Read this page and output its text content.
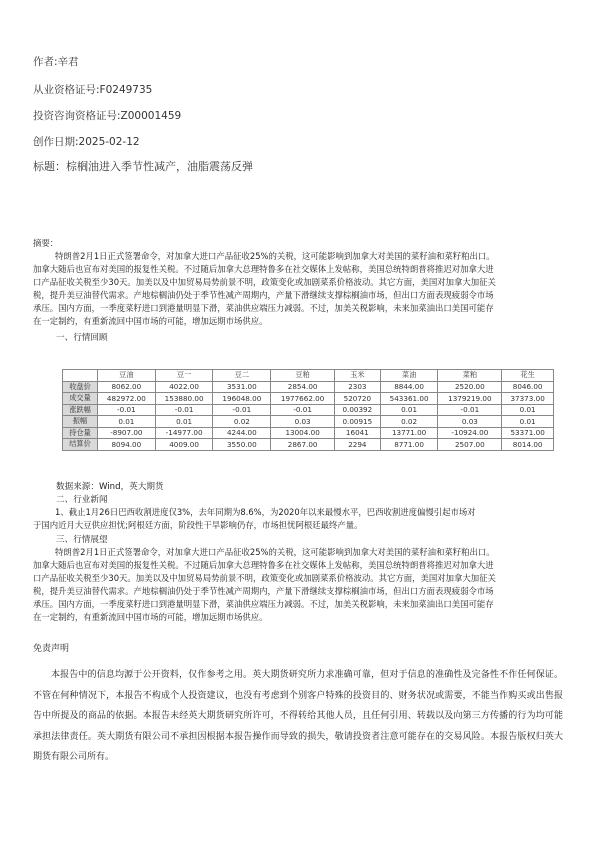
作者:辛君
从业资格证号:F0249735
投资咨询资格证号:Z00001459
创作日期:2025-02-12
标题：棕榈油进入季节性减产，油脂震荡反弹
摘要：
特朗普2月1日正式签署命令，对加拿大进口产品征收25%的关税，这可能影响到加拿大对美国的菜籽油和菜籽粕出口。
加拿大随后也宣布对美国的报复性关税。不过随后加拿大总理特鲁多在社交媒体上发帖称，美国总统特朗普将推迟对加拿大进
口产品征收关税至少30天。加美以及中加贸易局势前景不明，政策变化或加剧菜系价格波动。其它方面，美国对加拿大加征关
税，提升美豆油替代需求。产地棕榈油仍处于季节性减产周期内，产量下滑继续支撑棕榈油市场，但出口方面表现疲弱令市场
承压。国内方面，一季度菜籽进口到港量明显下滑，菜油供应端压力减弱。不过，加美关税影响，未来加菜油出口美国可能存
在一定制约，有重新流回中国市场的可能，增加远期市场供应。
一、行情回顾
	豆油	豆一	豆二	豆粕	玉米	菜油	菜粕	花生
收盘价	8062.00	4022.00	3531.00	2854.00	2303	8844.00	2520.00	8046.00
成交量	482972.00	153880.00	196048.00	1977662.00	520720	543361.00	1379219.00	37373.00
涨跌幅	-0.01	-0.01	-0.01	-0.01	0.00392	0.01	-0.01	0.01
振幅	0.01	0.01	0.02	0.03	0.00915	0.02	0.03	0.01
持仓量	-8907.00	-14977.00	4244.00	13004.00	16041	13771.00	-10924.00	53371.00
结算价	8094.00	4009.00	3550.00	2867.00	2294	8771.00	2507.00	8014.00
数据来源：Wind，英大期货
二、行业新闻
1、截止1月26日巴西收割进度仅3%，去年同期为8.6%，为2020年以来最慢水平，巴西收割进度偏慢引起市场对
于国内近月大豆供应担忧;阿根廷方面，阶段性干旱影响仍存，市场担忧阿根廷最终产量。
三、行情展望
特朗普2月1日正式签署命令，对加拿大进口产品征收25%的关税，这可能影响到加拿大对美国的菜籽油和菜籽粕出口。
加拿大随后也宣布对美国的报复性关税。不过随后加拿大总理特鲁多在社交媒体上发帖称，美国总统特朗普将推迟对加拿大进
口产品征收关税至少30天。加美以及中加贸易局势前景不明，政策变化或加剧菜系价格波动。其它方面，美国对加拿大加征关
税，提升美豆油替代需求。产地棕榈油仍处于季节性减产周期内，产量下滑继续支撑棕榈油市场，但出口方面表现疲弱令市场
承压。国内方面，一季度菜籽进口到港量明显下滑，菜油供应端压力减弱。不过，加美关税影响，未来加菜油出口美国可能存
在一定制约，有重新流回中国市场的可能，增加远期市场供应。
免责声明
本报告中的信息均源于公开资料，仅作参考之用。英大期货研究所力求准确可靠，但对于信息的准确性及完备性不作任何保证。不管在何种情况下，本报告不构成个人投资建议，也没有考虑到个别客户特殊的投资目的、财务状况或需要，不能当作购买或出售报告中所提及的商品的依据。本报告未经英大期货研究所许可，不得转给其他人员，且任何引用、转载以及向第三方传播的行为均可能承担法律责任。英大期货有限公司不承担因根据本报告操作而导致的损失，敬请投资者注意可能存在的交易风险。本报告版权归英大期货有限公司所有。
